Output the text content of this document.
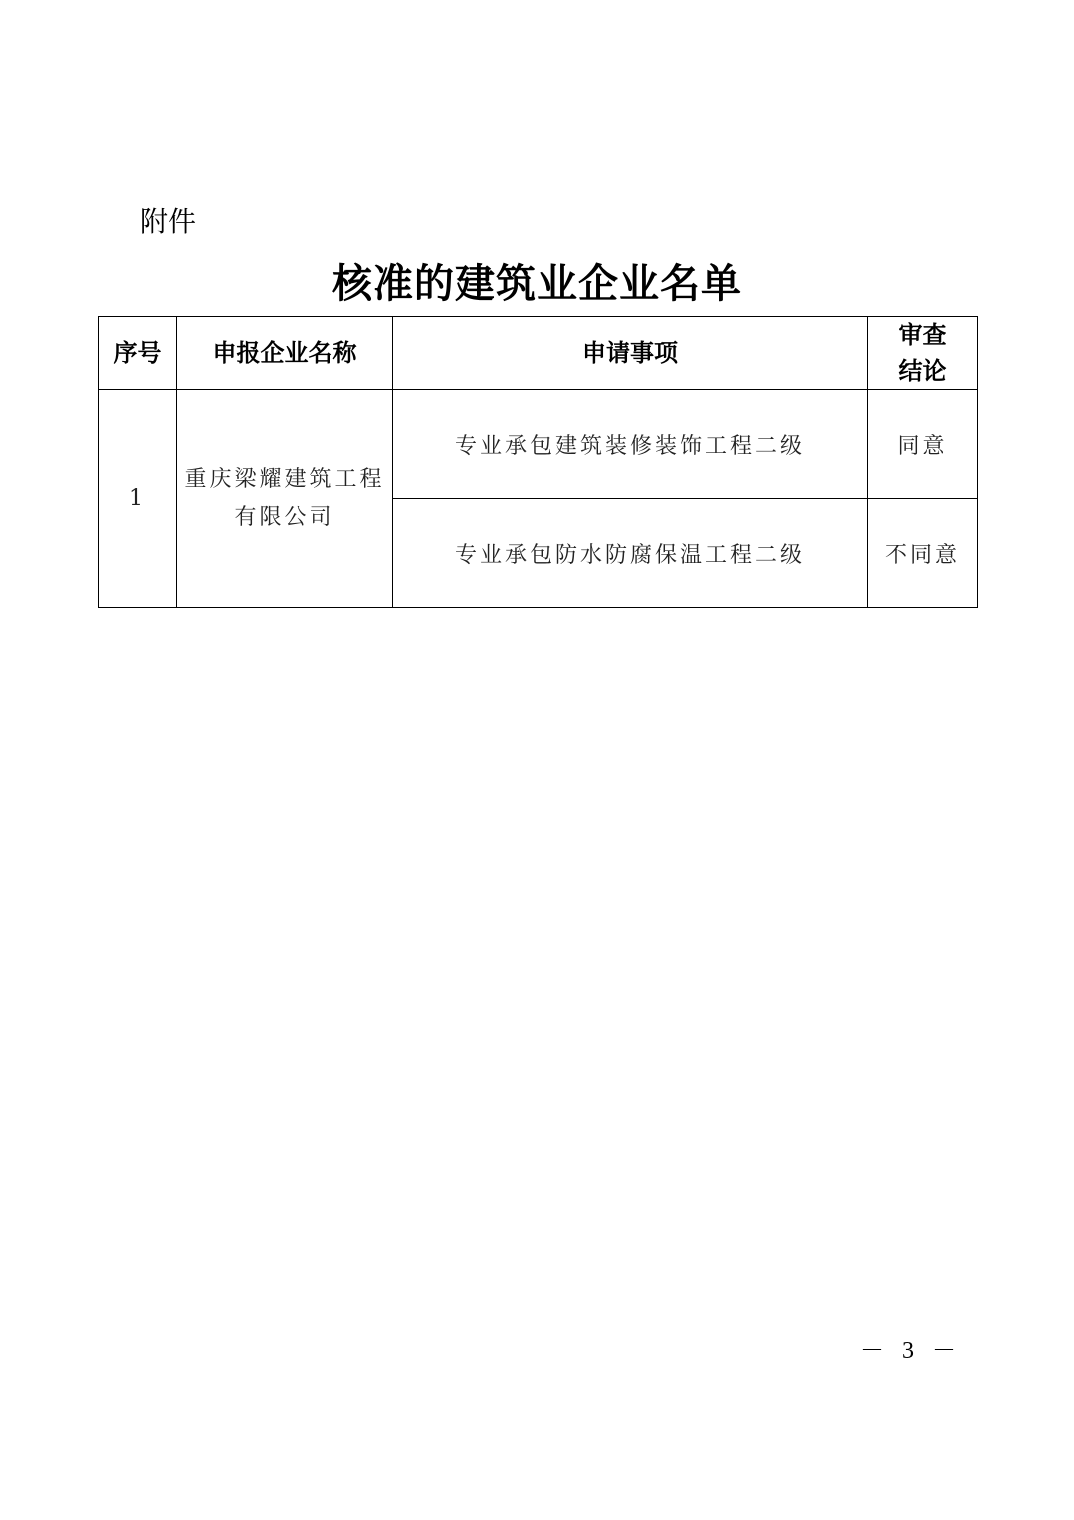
附件
核准的建筑业企业名单
序号	申报企业名称	申请事项	审查结论
1	重庆梁耀建筑工程有限公司	专业承包建筑装修装饰工程二级	同意
		专业承包防水防腐保温工程二级	不同意
－ 3 －
